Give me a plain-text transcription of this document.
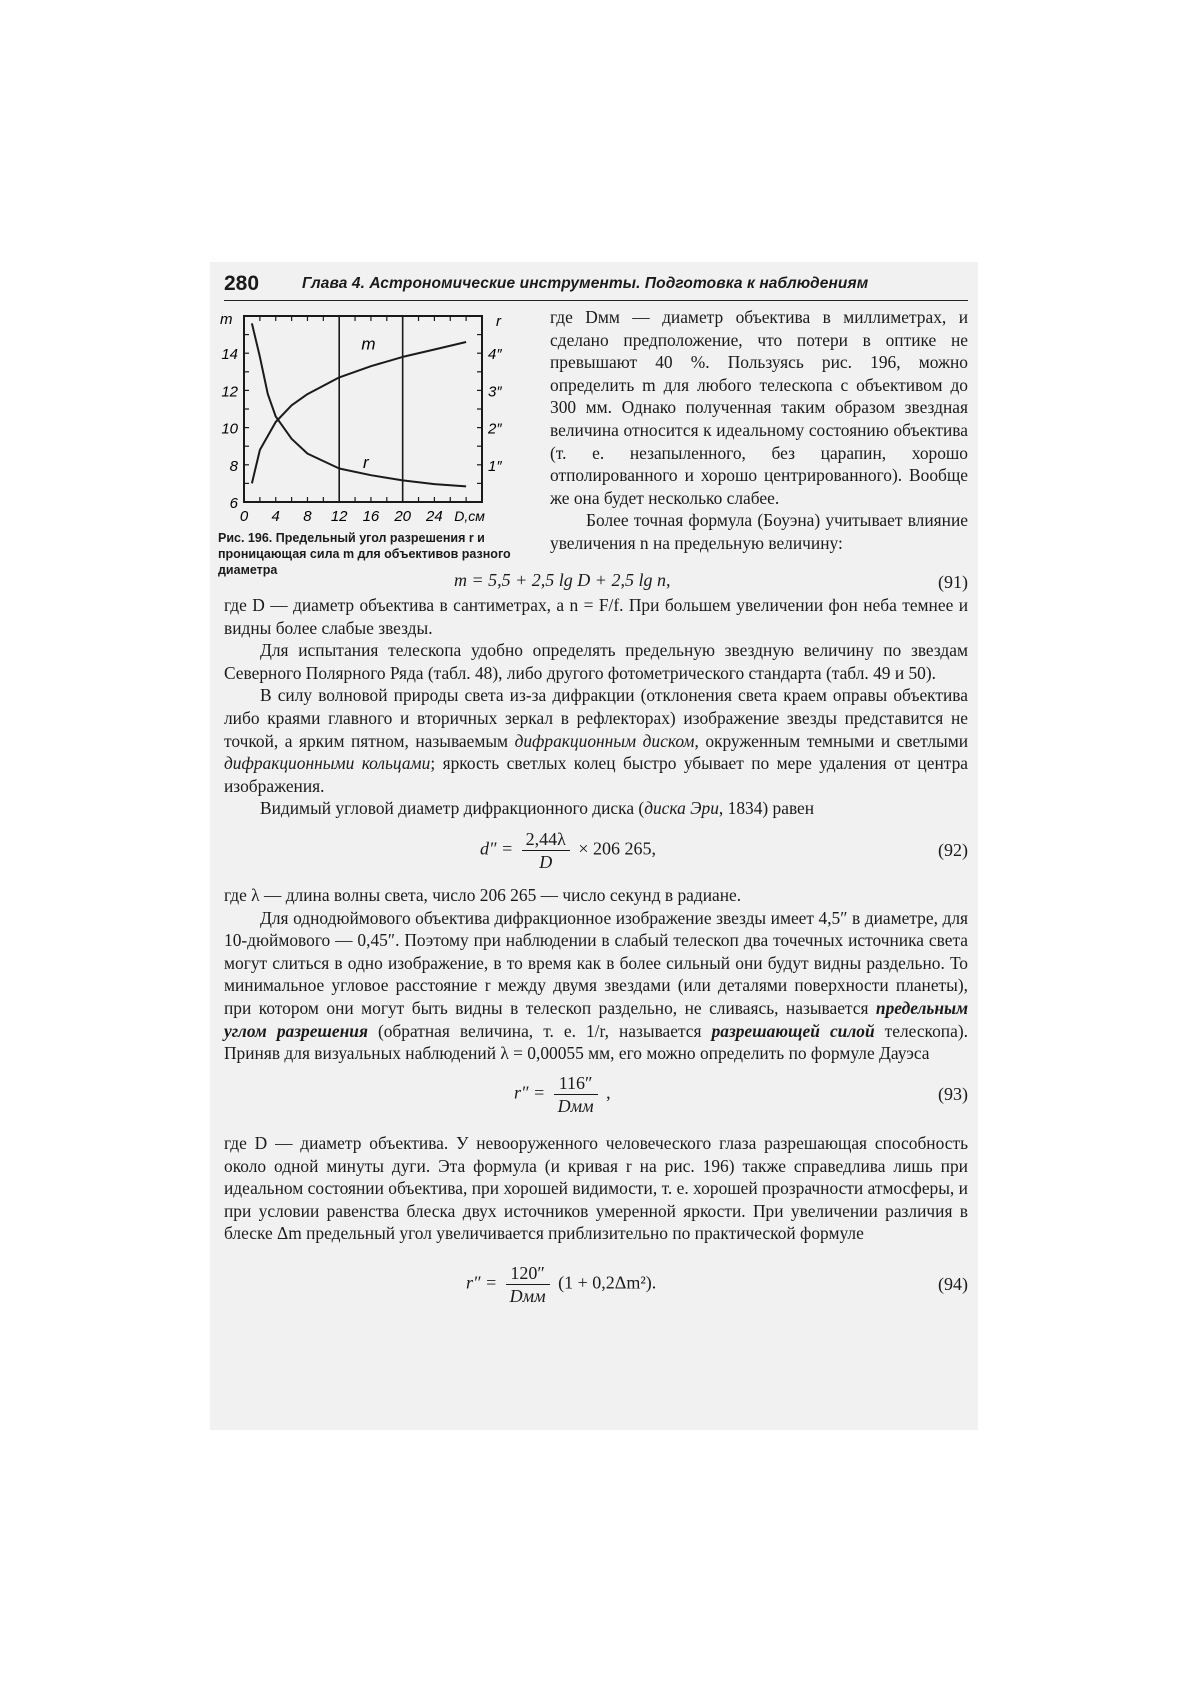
280	Глава 4. Астрономические инструменты. Подготовка к наблюдениям
14
12
10
8
6
4″
3″
2″
1″
0 4 8 12 16 20 24
m	r
D,см
m
r
Рис. 196. Предельный угол разрешения r и проницающая сила m для объективов разного диаметра

где Dмм — диаметр объектива в миллиметрах, и сделано предположение, что потери в оптике не превышают 40 %. Пользуясь рис. 196, можно определить m для любого телескопа с объективом до 300 мм. Однако полученная таким образом звездная величина относится к идеальному состоянию объектива (т. е. незапыленного, без царапин, хорошо отполированного и хорошо центрированного). Вообще же она будет несколько слабее.

Более точная формула (Боуэна) учитывает влияние увеличения n на предельную величину:

m = 5,5 + 2,5 lg D + 2,5 lg n,	(91)

где D — диаметр объектива в сантиметрах, а n = F/f. При большем увеличении фон неба темнее и видны более слабые звезды.

Для испытания телескопа удобно определять предельную звездную величину по звездам Северного Полярного Ряда (табл. 48), либо другого фотометрического стандарта (табл. 49 и 50).

В силу волновой природы света из-за дифракции (отклонения света краем оправы объектива либо краями главного и вторичных зеркал в рефлекторах) изображение звезды представится не точкой, а ярким пятном, называемым дифракционным диском, окруженным темными и светлыми дифракционными кольцами; яркость светлых колец быстро убывает по мере удаления от центра изображения.

Видимый угловой диаметр дифракционного диска (диска Эри, 1834) равен

$d'' = \frac{2,44\lambda}{D} \times 206$ 265,	(92)

где λ — длина волны света, число 206 265 — число секунд в радиане.

Для однодюймового объектива дифракционное изображение звезды имеет 4,5″ в диаметре, для 10-дюймового — 0,45″. Поэтому при наблюдении в слабый телескоп два точечных источника света могут слиться в одно изображение, в то время как в более сильный они будут видны раздельно. То минимальное угловое расстояние r между двумя звездами (или деталями поверхности планеты), при котором они могут быть видны в телескоп раздельно, не сливаясь, называется предельным углом разрешения (обратная величина, т. е. 1/r, называется разрешающей силой телескопа). Приняв для визуальных наблюдений λ = 0,00055 мм, его можно определить по формуле Дауэса

$r'' = \frac{116''}{\text{Dмм}}$ ,	(93)

где D — диаметр объектива. У невооруженного человеческого глаза разрешающая способность около одной минуты дуги. Эта формула (и кривая r на рис. 196) также справедлива лишь при идеальном состоянии объектива, при хорошей видимости, т. е. хорошей прозрачности атмосферы, и при условии равенства блеска двух источников умеренной яркости. При увеличении различия в блеске Δm предельный угол увеличивается приблизительно по практической формуле

$r'' = \frac{120''}{\text{Dмм}} (1 + 0,2\Delta m^2)$.	(94)
